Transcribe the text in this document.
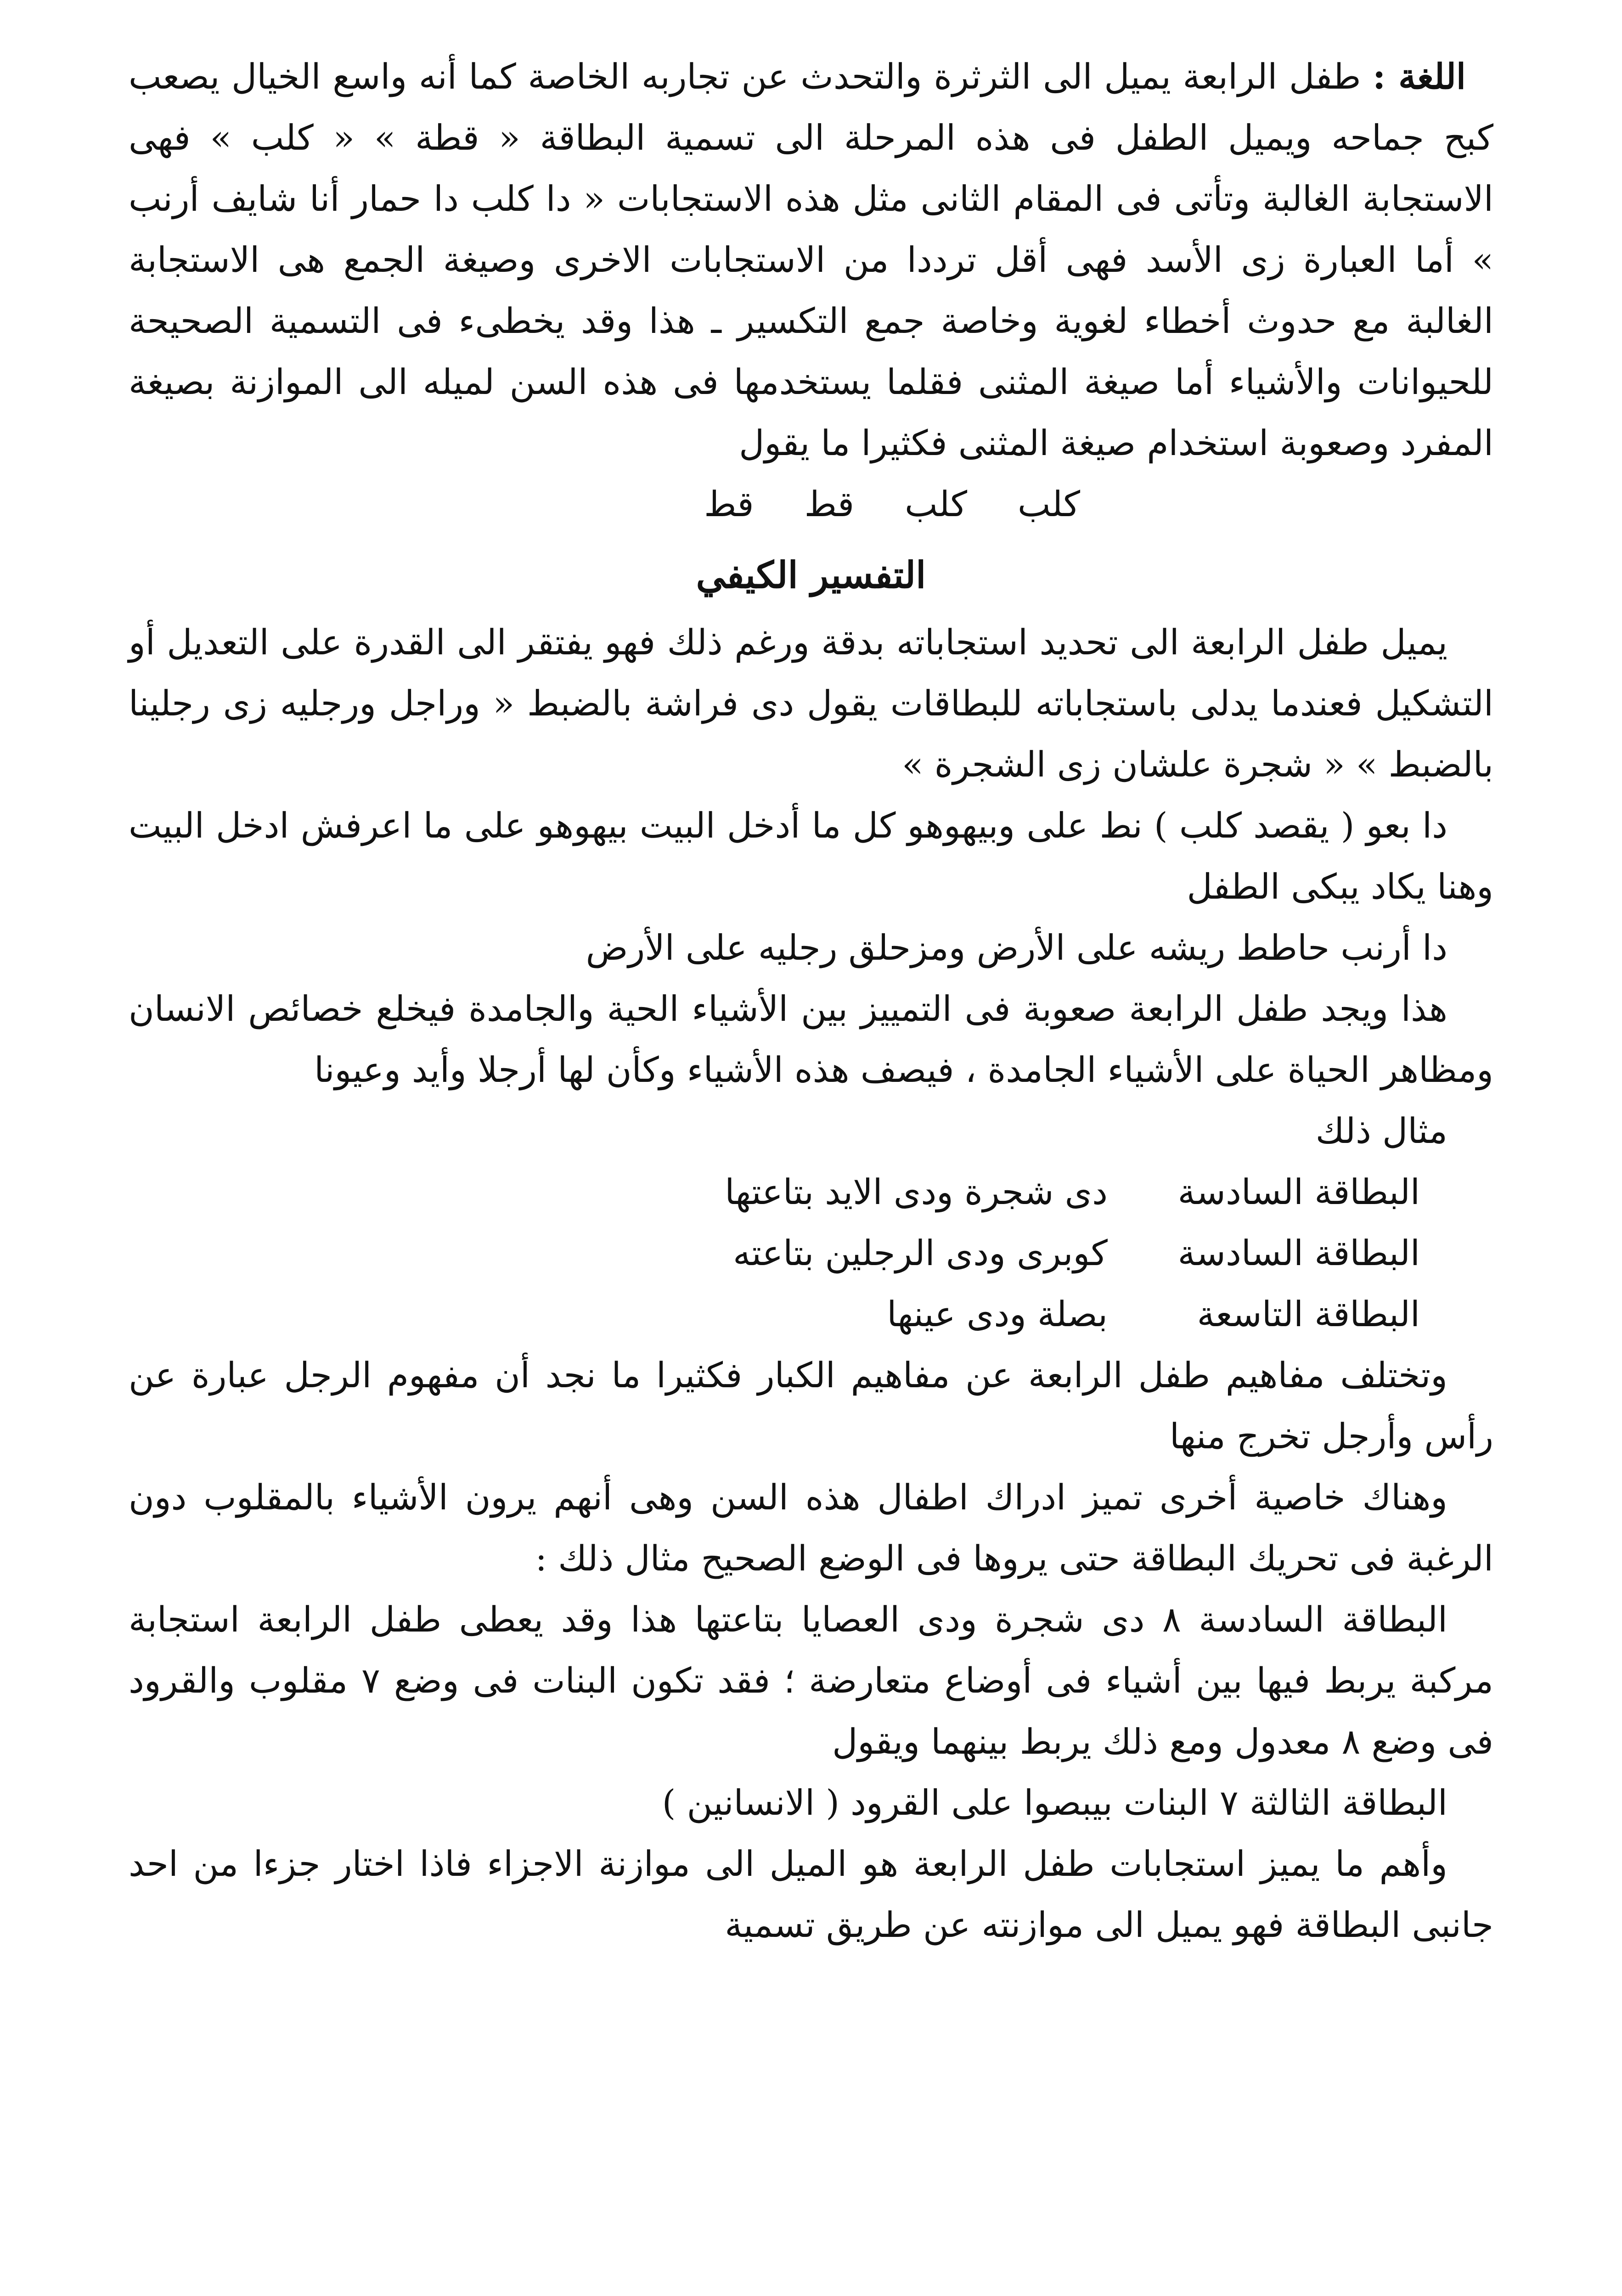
اللغة : طفل الرابعة يميل الى الثرثرة والتحدث عن تجاربه الخاصة كما أنه واسع الخيال يصعب كبح جماحه ويميل الطفل فى هذه المرحلة الى تسمية البطاقة « قطة » « كلب » فهى الاستجابة الغالبة وتأتى فى المقام الثانى مثل هذه الاستجابات « دا كلب دا حمار أنا شايف أرنب » أما العبارة زى الأسد فهى أقل ترددا من الاستجابات الاخرى وصيغة الجمع هى الاستجابة الغالبة مع حدوث أخطاء لغوية وخاصة جمع التكسير ـ هذا وقد يخطىء فى التسمية الصحيحة للحيوانات والأشياء أما صيغة المثنى فقلما يستخدمها فى هذه السن لميله الى الموازنة بصيغة المفرد وصعوبة استخدام صيغة المثنى فكثيرا ما يقول

كلب
كلب
قط
قط
التفسير الكيفي

يميل طفل الرابعة الى تحديد استجاباته بدقة ورغم ذلك فهو يفتقر الى القدرة على التعديل أو التشكيل فعندما يدلى باستجاباته للبطاقات يقول دى فراشة بالضبط « وراجل ورجليه زى رجلينا بالضبط » « شجرة علشان زى الشجرة »

دا بعو ( يقصد كلب ) نط على وبيهوهو كل ما أدخل البيت بيهوهو على ما اعرفش ادخل البيت وهنا يكاد يبكى الطفل

دا أرنب حاطط ريشه على الأرض ومزحلق رجليه على الأرض

هذا ويجد طفل الرابعة صعوبة فى التمييز بين الأشياء الحية والجامدة فيخلع خصائص الانسان ومظاهر الحياة على الأشياء الجامدة ، فيصف هذه الأشياء وكأن لها أرجلا وأيد وعيونا

مثال ذلك
البطاقة السادسة
دى شجرة ودى الايد بتاعتها
البطاقة السادسة
كوبرى ودى الرجلين بتاعته
البطاقة التاسعة
بصلة ودى عينها

وتختلف مفاهيم طفل الرابعة عن مفاهيم الكبار فكثيرا ما نجد أن مفهوم الرجل عبارة عن رأس وأرجل تخرج منها

وهناك خاصية أخرى تميز ادراك اطفال هذه السن وهى أنهم يرون الأشياء بالمقلوب دون الرغبة فى تحريك البطاقة حتى يروها فى الوضع الصحيح مثال ذلك :

البطاقة السادسة ٨ دى شجرة ودى العصايا بتاعتها هذا وقد يعطى طفل الرابعة استجابة مركبة يربط فيها بين أشياء فى أوضاع متعارضة ؛ فقد تكون البنات فى وضع ٧ مقلوب والقرود فى وضع ٨ معدول ومع ذلك يربط بينهما ويقول

البطاقة الثالثة ٧ البنات بيبصوا على القرود ( الانسانين )

وأهم ما يميز استجابات طفل الرابعة هو الميل الى موازنة الاجزاء فاذا اختار جزءا من احد جانبى البطاقة فهو يميل الى موازنته عن طريق تسمية
